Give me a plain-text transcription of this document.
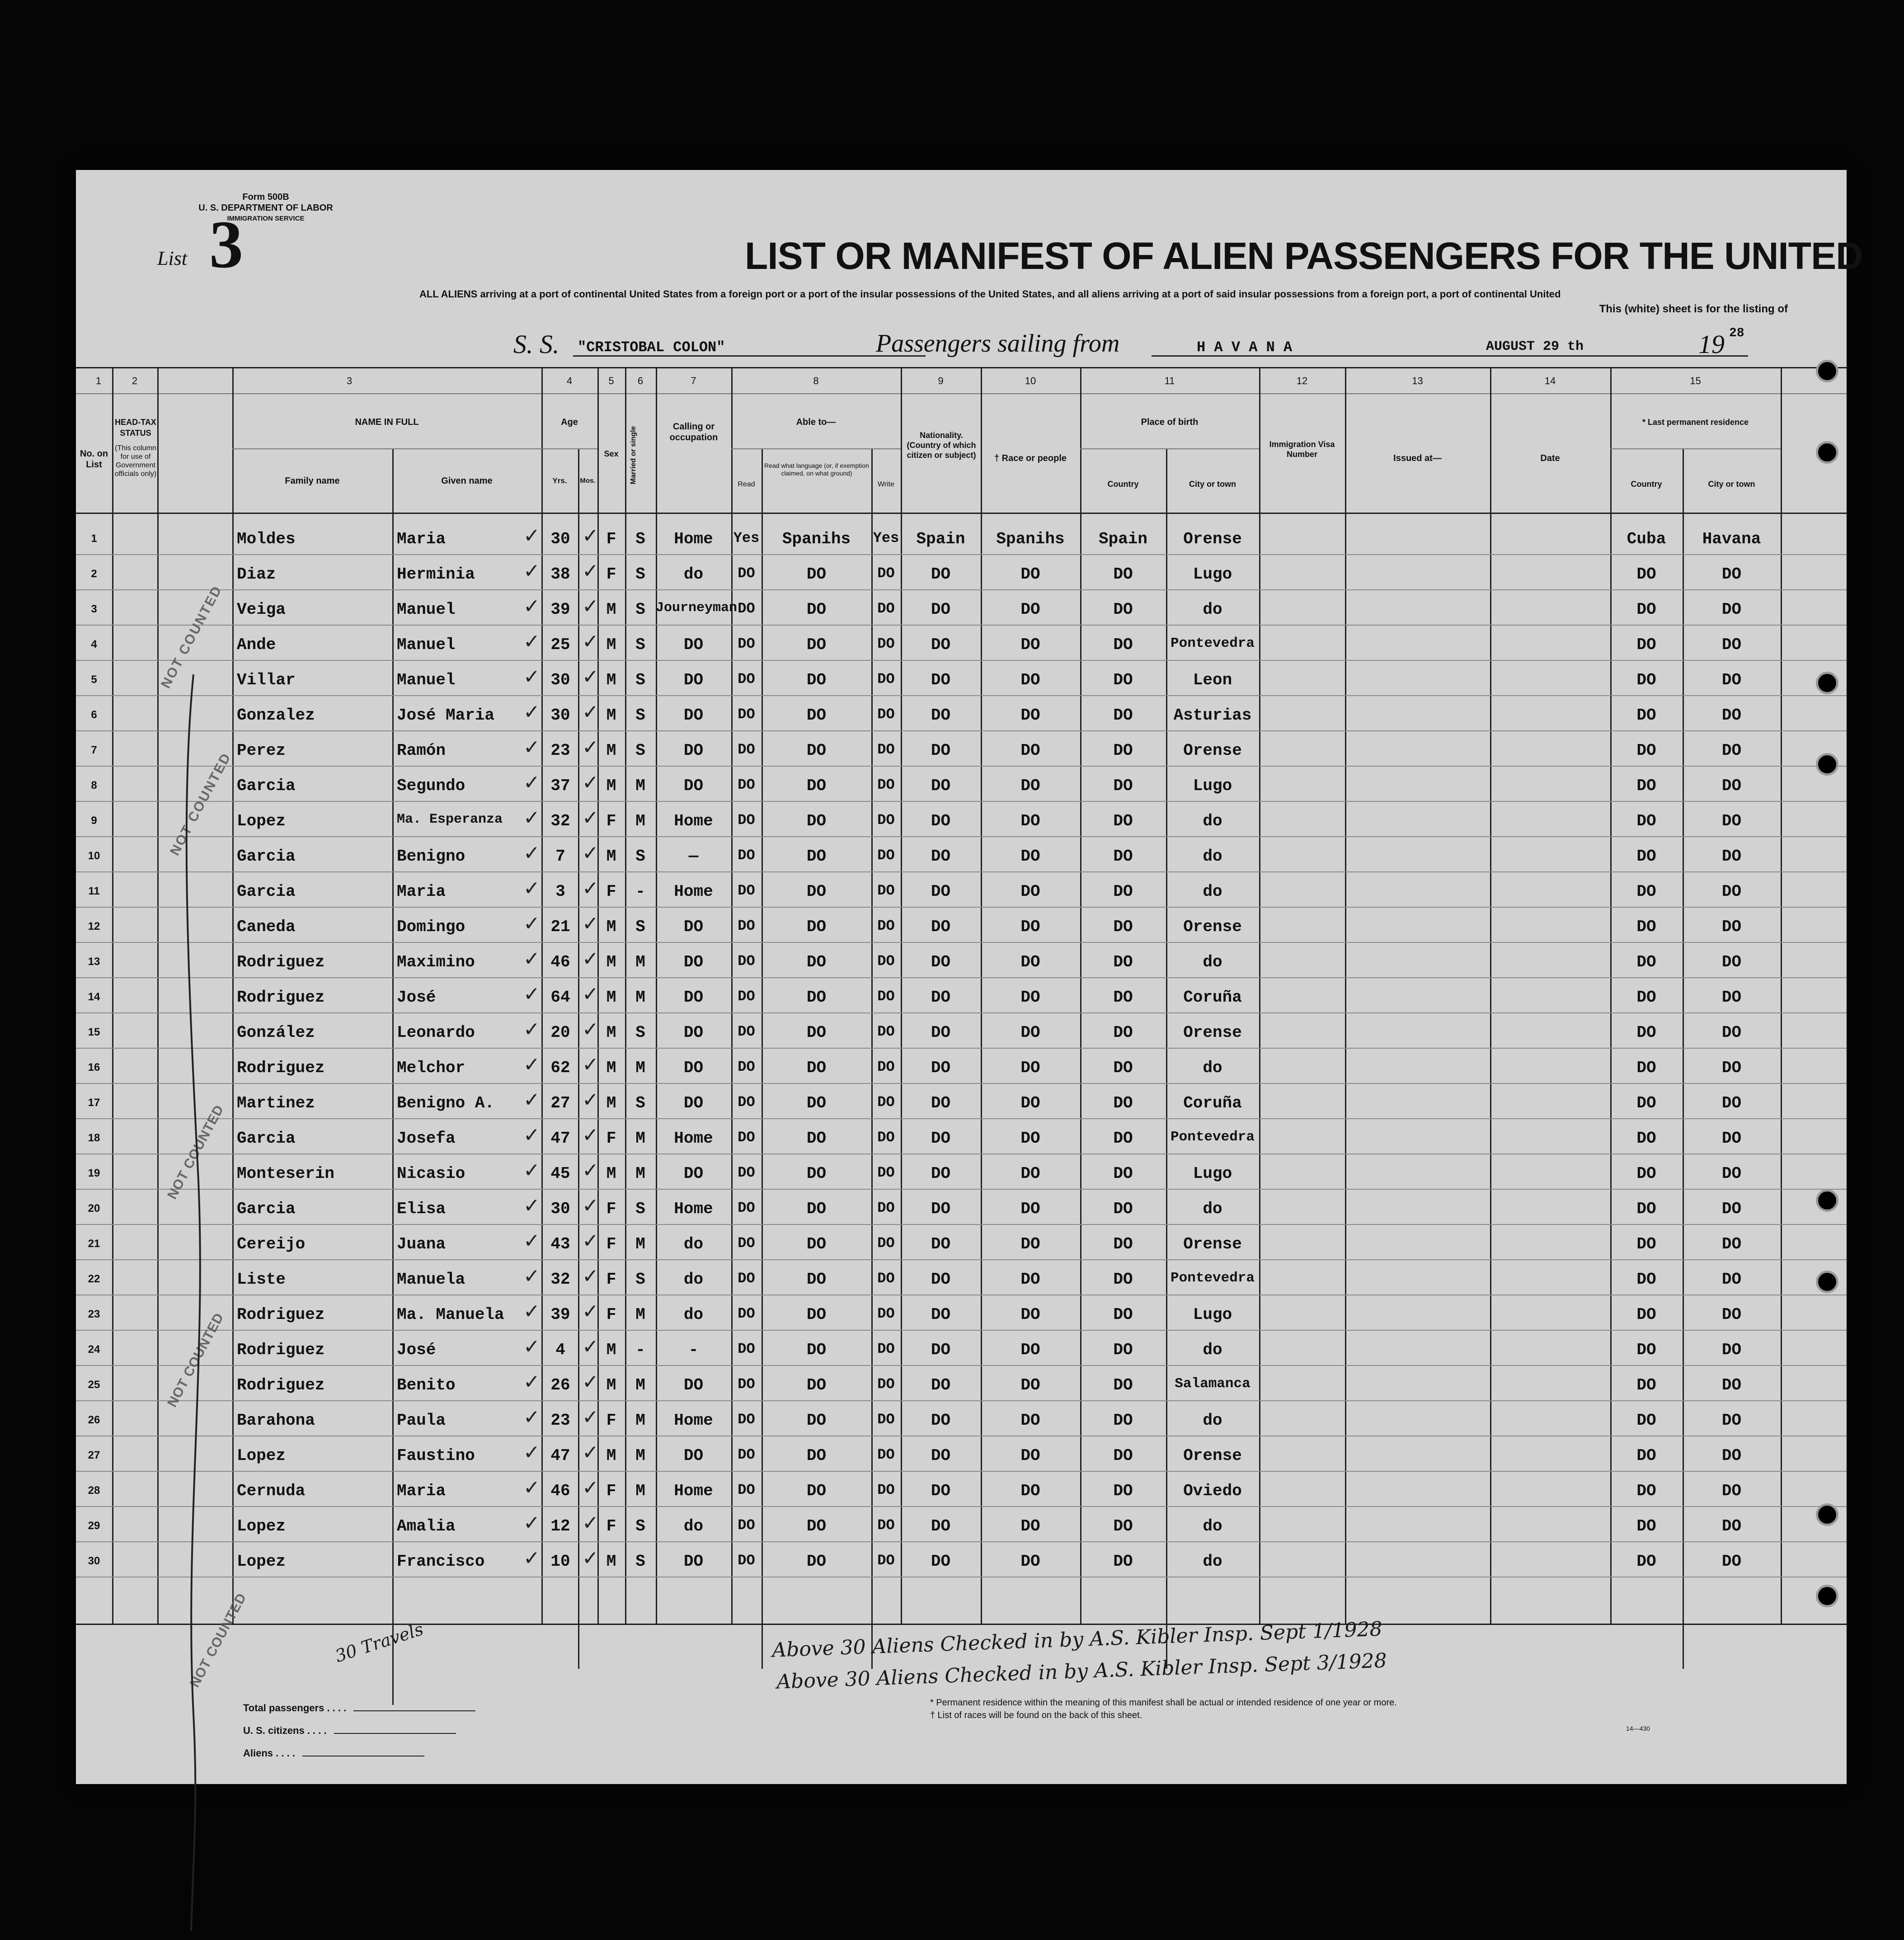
Form 500B
U. S. DEPARTMENT OF LABOR
IMMIGRATION SERVICE
List 3	LIST OR MANIFEST OF ALIEN PASSENGERS FOR THE UNITED
ALL ALIENS arriving at a port of continental United States from a foreign port or a port of the insular possessions of the United States, and all aliens arriving at a port of said insular possessions from a foreign port, a port of continental United
This (white) sheet is for the listing of
S. S. "CRISTOBAL COLON"	Passengers sailing from	H A V A N A	AUGUST 29 th	19 28
1	2	3	4	5	6	7	8	9	10	11	12	13	14	15
No. on List
HEAD-TAX STATUS
(This column for use of Government officials only)
NAME IN FULL
Family name	Given name
Age
Yrs.	Mos.
Sex	Married or single	Calling or occupation
Able to—
Read
Read what language (or, if exemption claimed, on what ground)
Write
Nationality. (Country of which citizen or subject)	† Race or people
Place of birth
Country	City or town
Immigration Visa Number	Issued at—	Date
* Last permanent residence
Country	City or town
1	Moldes	Maria	30	F	S	Home	Yes	Spanihs	Yes	Spain	Spanihs	Spain	Orense	Cuba	Havana
✓ ✓
2	Diaz	Herminia	38	F	S	do	DO	DO	DO	DO	DO	DO	Lugo	DO	DO
✓ ✓
3	Veiga	Manuel	39	M	S Journeyman DO	DO	DO	DO	DO	DO	do	DO	DO
✓ ✓
4	Ande	Manuel	25	M	S	DO	DO	DO	DO	DO	DO	DO	Pontevedra	DO	DO
✓ ✓
5	Villar	Manuel	30	M	S	DO	DO	DO	DO	DO	DO	DO	Leon	DO	DO
✓ ✓
6	Gonzalez	José Maria	30	M	S	DO	DO	DO	DO	DO	DO	DO	Asturias	DO	DO
✓ ✓
7	Perez	Ramón	23	M	S	DO	DO	DO	DO	DO	DO	DO	Orense	DO	DO
✓ ✓
8	Garcia	Segundo	37	M	M	DO	DO	DO	DO	DO	DO	DO	Lugo	DO	DO
✓ ✓
9	Lopez	Ma. Esperanza	32	F	M	Home	DO	DO	DO	DO	DO	DO	do	DO	DO
✓ ✓
10	Garcia	Benigno	7	M	S	—	DO	DO	DO	DO	DO	DO	do	DO	DO
✓ ✓
11	Garcia	Maria	3	F	-	Home	DO	DO	DO	DO	DO	DO	do	DO	DO
✓ ✓
12	Caneda	Domingo	21	M	S	DO	DO	DO	DO	DO	DO	DO	Orense	DO	DO
✓ ✓
13	Rodriguez	Maximino	46	M	M	DO	DO	DO	DO	DO	DO	DO	do	DO	DO
✓ ✓
14	Rodriguez	José	64	M	M	DO	DO	DO	DO	DO	DO	DO	Coruña	DO	DO
✓ ✓
15	González	Leonardo	20	M	S	DO	DO	DO	DO	DO	DO	DO	Orense	DO	DO
✓ ✓
16	Rodriguez	Melchor	62	M	M	DO	DO	DO	DO	DO	DO	DO	do	DO	DO
✓ ✓
17	Martinez	Benigno A.	27	M	S	DO	DO	DO	DO	DO	DO	DO	Coruña	DO	DO
✓ ✓
18	Garcia	Josefa	47	F	M	Home	DO	DO	DO	DO	DO	DO	Pontevedra	DO	DO
✓ ✓
19	Monteserin	Nicasio	45	M	M	DO	DO	DO	DO	DO	DO	DO	Lugo	DO	DO
✓ ✓
20	Garcia	Elisa	30	F	S	Home	DO	DO	DO	DO	DO	DO	do	DO	DO
✓ ✓
21	Cereijo	Juana	43	F	M	do	DO	DO	DO	DO	DO	DO	Orense	DO	DO
✓ ✓
22	Liste	Manuela	32	F	S	do	DO	DO	DO	DO	DO	DO	Pontevedra	DO	DO
✓ ✓
23	Rodriguez	Ma. Manuela	39	F	M	do	DO	DO	DO	DO	DO	DO	Lugo	DO	DO
✓ ✓
24	Rodriguez	José	4	M	-	-	DO	DO	DO	DO	DO	DO	do	DO	DO
✓ ✓
25	Rodriguez	Benito	26	M	M	DO	DO	DO	DO	DO	DO	DO	Salamanca	DO	DO
✓ ✓
26	Barahona	Paula	23	F	M	Home	DO	DO	DO	DO	DO	DO	do	DO	DO
✓ ✓
27	Lopez	Faustino	47	M	M	DO	DO	DO	DO	DO	DO	DO	Orense	DO	DO
✓ ✓
28	Cernuda	Maria	46	F	M	Home	DO	DO	DO	DO	DO	DO	Oviedo	DO	DO
✓ ✓
29	Lopez	Amalia	12	F	S	do	DO	DO	DO	DO	DO	DO	do	DO	DO
✓ ✓
30	Lopez	Francisco	10	M	S	DO	DO	DO	DO	DO	DO	DO	do	DO	DO
✓ ✓
NOT COUNTED
NOT COUNTED
NOT COUNTED
NOT COUNTED
NOT COUNTED	Above 30 Aliens Checked in by A.S. Kibler Insp. Sept 1/1928
Above 30 Aliens Checked in by A.S. Kibler Insp. Sept 3/1928
30 Travels
Total passengers . . . .
U. S. citizens . . . .
Aliens . . . .
* Permanent residence within the meaning of this manifest shall be actual or intended residence of one year or more.
† List of races will be found on the back of this sheet.
14—430
